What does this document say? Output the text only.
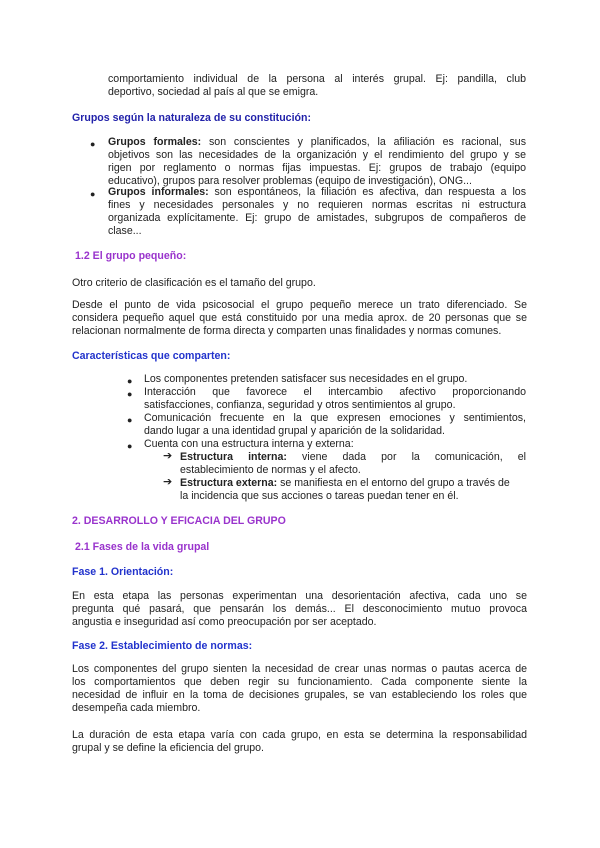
comportamiento individual de la persona al interés grupal. Ej: pandilla, club
deportivo, sociedad al país al que se emigra.
Grupos según la naturaleza de su constitución:
● Grupos formales: son conscientes y planificados, la afiliación es racional, sus
objetivos son las necesidades de la organización y el rendimiento del grupo y se
rigen por reglamento o normas fijas impuestas. Ej: grupos de trabajo (equipo
educativo), grupos para resolver problemas (equipo de investigación), ONG...
● Grupos informales: son espontáneos, la filiación es afectiva, dan respuesta a los
fines y necesidades personales y no requieren normas escritas ni estructura
organizada explícitamente. Ej: grupo de amistades, subgrupos de compañeros de
clase...
1.2 El grupo pequeño:
Otro criterio de clasificación es el tamaño del grupo.
Desde el punto de vida psicosocial el grupo pequeño merece un trato diferenciado. Se
considera pequeño aquel que está constituido por una media aprox. de 20 personas que se
relacionan normalmente de forma directa y comparten unas finalidades y normas comunes.
Características que comparten:
● Los componentes pretenden satisfacer sus necesidades en el grupo.
● Interacción que favorece el intercambio afectivo proporcionando
satisfacciones, confianza, seguridad y otros sentimientos al grupo.
● Comunicación frecuente en la que expresen emociones y sentimientos,
dando lugar a una identidad grupal y aparición de la solidaridad.
● Cuenta con una estructura interna y externa:
➔ Estructura interna: viene dada por la comunicación, el
establecimiento de normas y el afecto.
➔ Estructura externa: se manifiesta en el entorno del grupo a través de
la incidencia que sus acciones o tareas puedan tener en él.
2. DESARROLLO Y EFICACIA DEL GRUPO
2.1 Fases de la vida grupal
Fase 1. Orientación:
En esta etapa las personas experimentan una desorientación afectiva, cada uno se
pregunta qué pasará, que pensarán los demás... El desconocimiento mutuo provoca
angustia e inseguridad así como preocupación por ser aceptado.
Fase 2. Establecimiento de normas:
Los componentes del grupo sienten la necesidad de crear unas normas o pautas acerca de
los comportamientos que deben regir su funcionamiento. Cada componente siente la
necesidad de influir en la toma de decisiones grupales, se van estableciendo los roles que
desempeña cada miembro.
La duración de esta etapa varía con cada grupo, en esta se determina la responsabilidad
grupal y se define la eficiencia del grupo.
